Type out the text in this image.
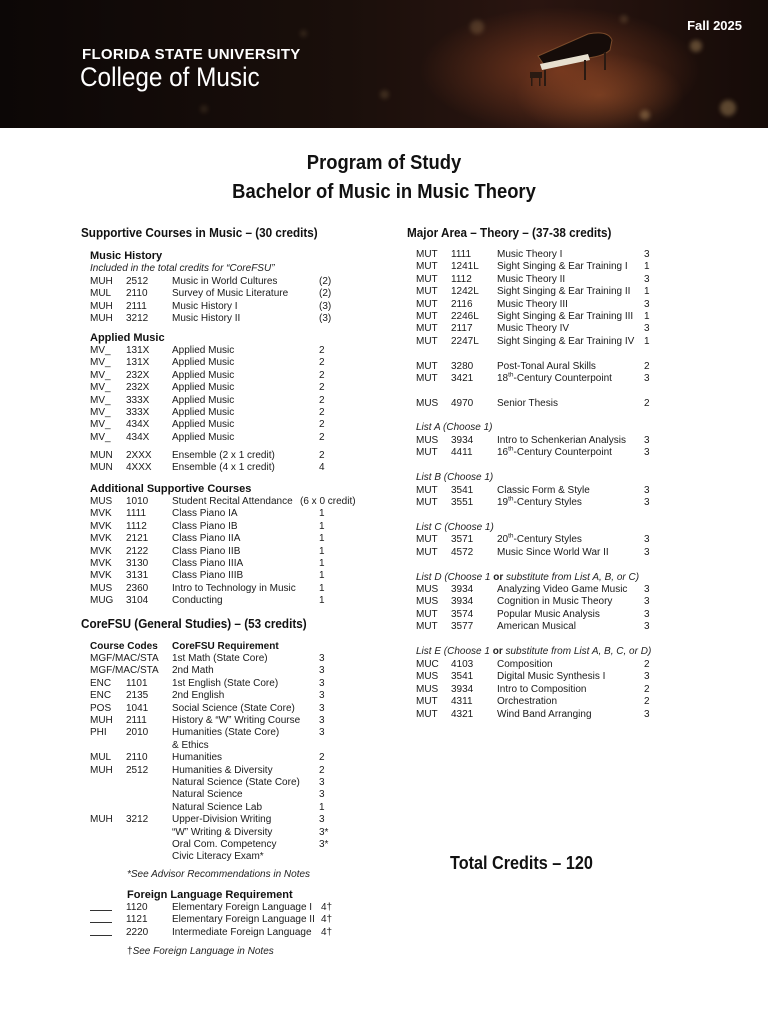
FLORIDA STATE UNIVERSITY
College of Music
Fall 2025
Program of Study
Bachelor of Music in Music Theory
Supportive Courses in Music – (30 credits)
Music History
Included in the total credits for “CoreFSU”
MUH 2512 Music in World Cultures	(2)
MUL 2110 Survey of Music Literature	(2)
MUH 2111	Music History I	(3)
MUH 3212 Music History II	(3)
Applied Music
MV_ 131X Applied Music	2
MV_ 131X Applied Music	2
MV_ 232X Applied Music	2
MV_ 232X Applied Music	2
MV_ 333X Applied Music	2
MV_ 333X Applied Music	2
MV_ 434X Applied Music	2
MV_ 434X Applied Music	2
MUN 2XXX Ensemble (2 x 1 credit)	2
MUN 4XXX Ensemble (4 x 1 credit)	4
Additional Supportive Courses
MUS 1010 Student Recital Attendance (6 x 0 credit)
MVK 1111	Class Piano IA	1
MVK 1112	Class Piano IB	1
MVK 2121 Class Piano IIA	1
MVK 2122 Class Piano IIB	1
MVK 3130 Class Piano IIIA	1
MVK 3131 Class Piano IIIB	1
MUS 2360 Intro to Technology in Music 1
MUG 3104 Conducting	1
CoreFSU (General Studies) – (53 credits)
Course Codes CoreFSU Requirement
MGF/MAC/STA 1st Math (State Core)	3
MGF/MAC/STA 2nd Math	3
ENC 1101 1st English (State Core)	3
ENC 2135 2nd English	3
POS 1041 Social Science (State Core) 3
MUH 2111	History & “W” Writing Course 3
PHI 2010 Humanities (State Core)	3
& Ethics
MUL 2110 Humanities	2
MUH 2512 Humanities & Diversity	2
Natural Science (State Core) 3
Natural Science	3
Natural Science Lab	1
MUH 3212 Upper-Division Writing	3
“W” Writing & Diversity	3*
Oral Com. Competency	3*
Civic Literacy Exam*
*See Advisor Recommendations in Notes
Foreign Language Requirement
1120 Elementary Foreign Language I 4†
1121 Elementary Foreign Language II 4†
2220 Intermediate Foreign Language 4†
†See Foreign Language in Notes
Major Area – Theory – (37-38 credits)
MUT 1111	Music Theory I	3
MUT 1241L Sight Singing & Ear Training I 1
MUT 1112	Music Theory II	3
MUT 1242L Sight Singing & Ear Training II 1
MUT 2116 Music Theory III	3
MUT 2246L Sight Singing & Ear Training III 1
MUT 2117 Music Theory IV	3
MUT 2247L Sight Singing & Ear Training IV 1
MUT 3280 Post-Tonal Aural Skills	2
MUT 3421 18th-Century Counterpoint	3
MUS 4970 Senior Thesis	2
List A (Choose 1)
MUS 3934 Intro to Schenkerian Analysis 3
MUT 4411 16th-Century Counterpoint	3
List B (Choose 1)
MUT 3541 Classic Form & Style	3
MUT 3551 19th-Century Styles	3
List C (Choose 1)
MUT 3571 20th-Century Styles	3
MUT 4572 Music Since World War II	3
List D (Choose 1 or substitute from List A, B, or C)
MUS 3934 Analyzing Video Game Music 3
MUS 3934 Cognition in Music Theory	3
MUT 3574 Popular Music Analysis	3
MUT 3577 American Musical	3
List E (Choose 1 or substitute from List A, B, C, or D)
MUC 4103 Composition	2
MUS 3541 Digital Music Synthesis I	3
MUS 3934 Intro to Composition	2
MUT 4311 Orchestration	2
MUT 4321 Wind Band Arranging	3
Total Credits – 120
